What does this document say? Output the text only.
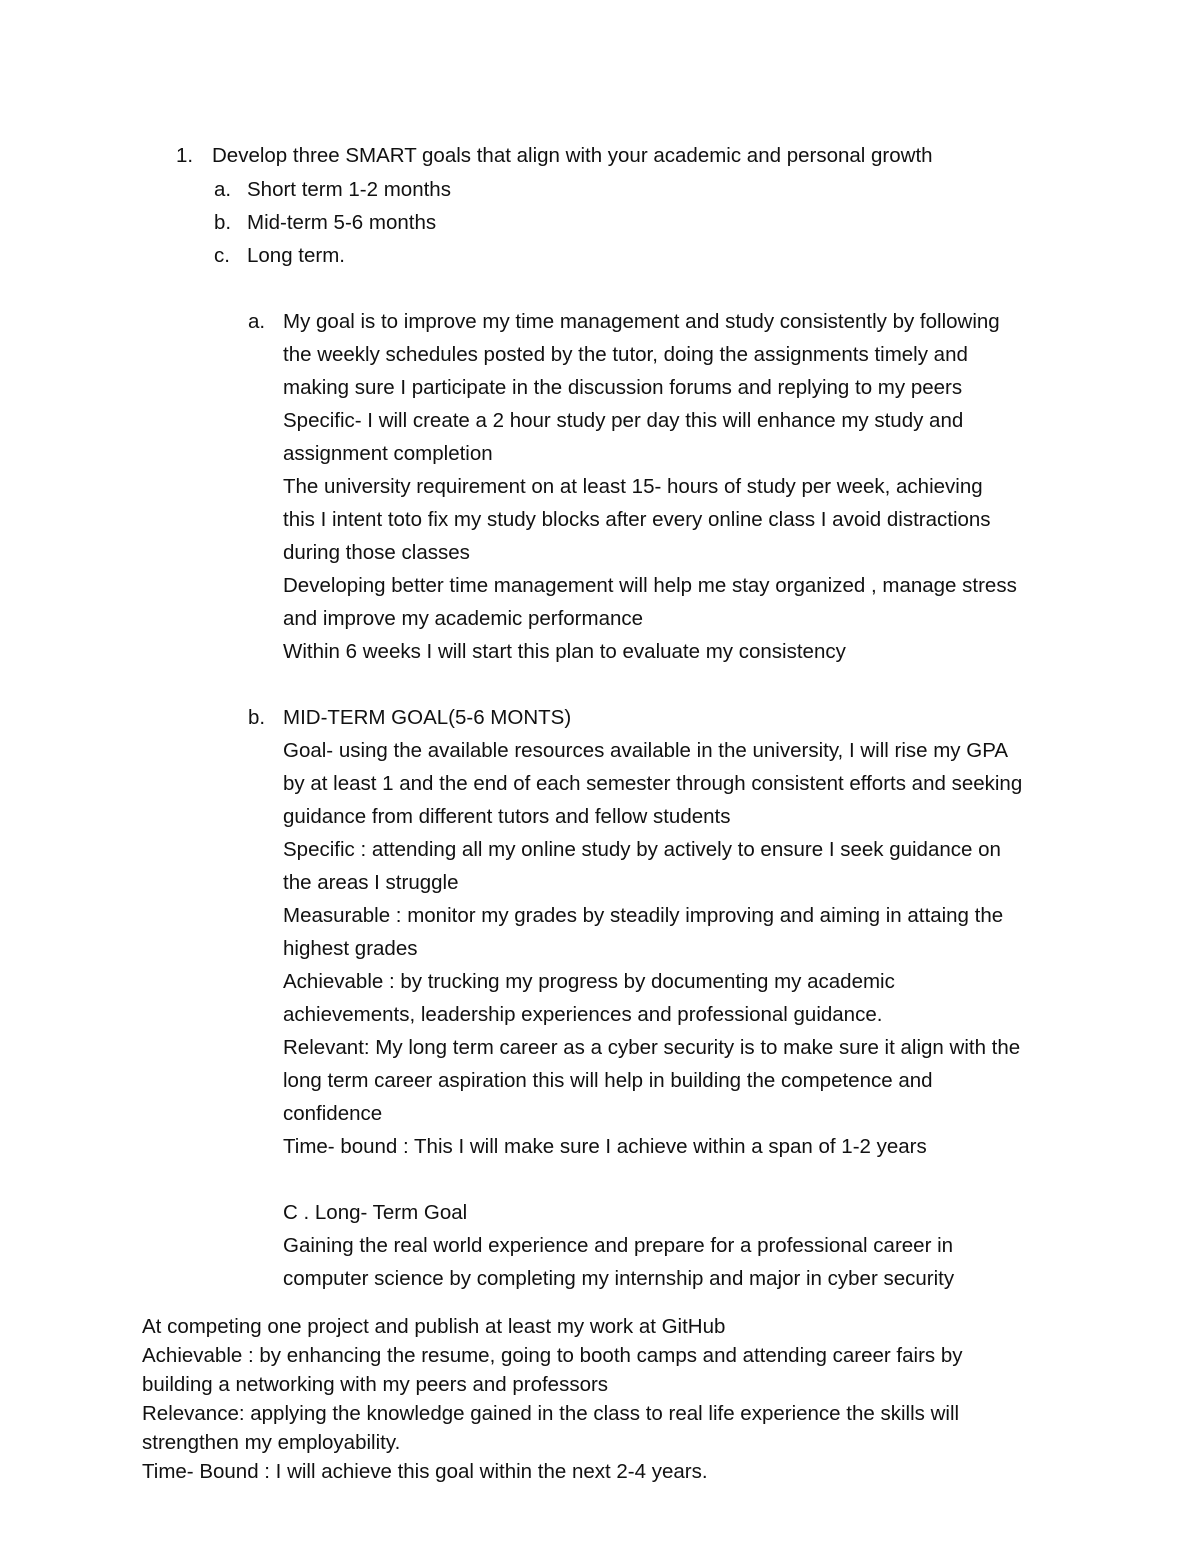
1. Develop three SMART goals that align with your academic and personal growth
a. Short term 1-2 months
b. Mid-term 5-6 months
c. Long term.
a. My goal is to improve my time management and study consistently by following
the weekly schedules posted by the tutor, doing the assignments timely and
making sure I participate in the discussion forums and replying to my peers
Specific- I will create a 2 hour study per day this will enhance my study and
assignment completion
The university requirement on at least 15- hours of study per week, achieving
this I intent toto fix my study blocks after every online class I avoid distractions
during those classes
Developing better time management will help me stay organized , manage stress
and improve my academic performance
Within 6 weeks I will start this plan to evaluate my consistency
b. MID-TERM GOAL(5-6 MONTS)
Goal- using the available resources available in the university, I will rise my GPA
by at least 1 and the end of each semester through consistent efforts and seeking
guidance from different tutors and fellow students
Specific : attending all my online study by actively to ensure I seek guidance on
the areas I struggle
Measurable : monitor my grades by steadily improving and aiming in attaing the
highest grades
Achievable : by trucking my progress by documenting my academic
achievements, leadership experiences and professional guidance.
Relevant: My long term career as a cyber security is to make sure it align with the
long term career aspiration this will help in building the competence and
confidence
Time- bound : This I will make sure I achieve within a span of 1-2 years
C . Long- Term Goal
Gaining the real world experience and prepare for a professional career in
computer science by completing my internship and major in cyber security
At competing one project and publish at least my work at GitHub
Achievable : by enhancing the resume, going to booth camps and attending career fairs by
building a networking with my peers and professors
Relevance: applying the knowledge gained in the class to real life experience the skills will
strengthen my employability.
Time- Bound : I will achieve this goal within the next 2-4 years.
